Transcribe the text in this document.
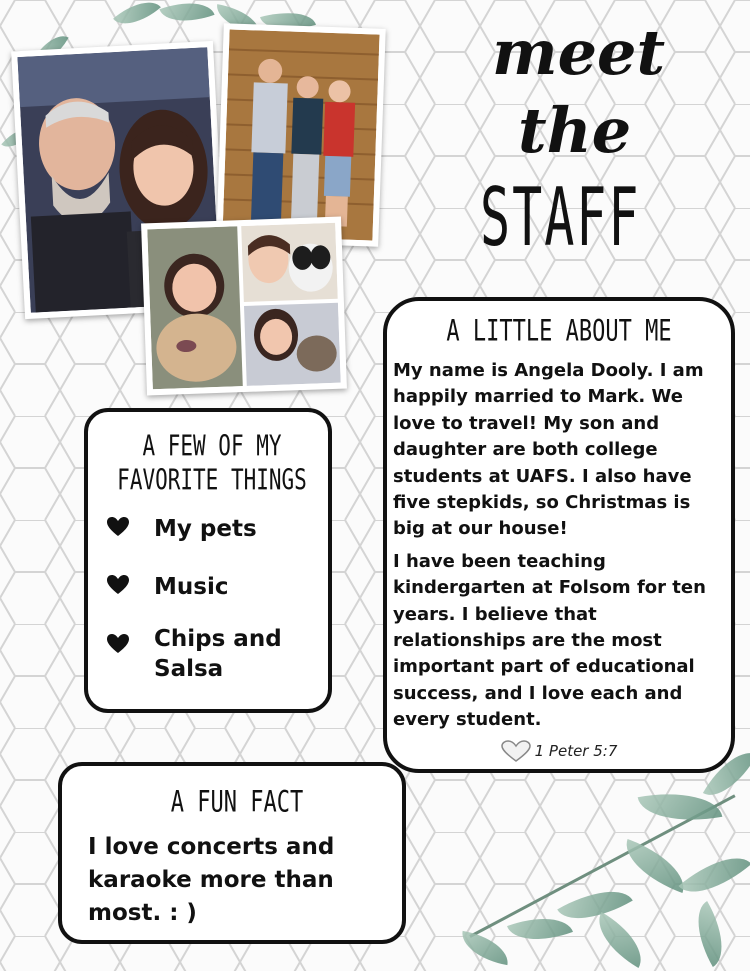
meet
the
STAFF
A LITTLE ABOUT ME

My name is Angela Dooly. I am happily married to Mark. We love to travel! My son and daughter are both college students at UAFS. I also have five stepkids, so Christmas is big at our house!

I have been teaching kindergarten at Folsom for ten years. I believe that relationships are the most important part of educational success, and I love each and every student.

1 Peter 5:7
A FEW OF MY
FAVORITE THINGS
My pets
Music
Chips and Salsa
A FUN FACT

I love concerts and karaoke more than most. : )
